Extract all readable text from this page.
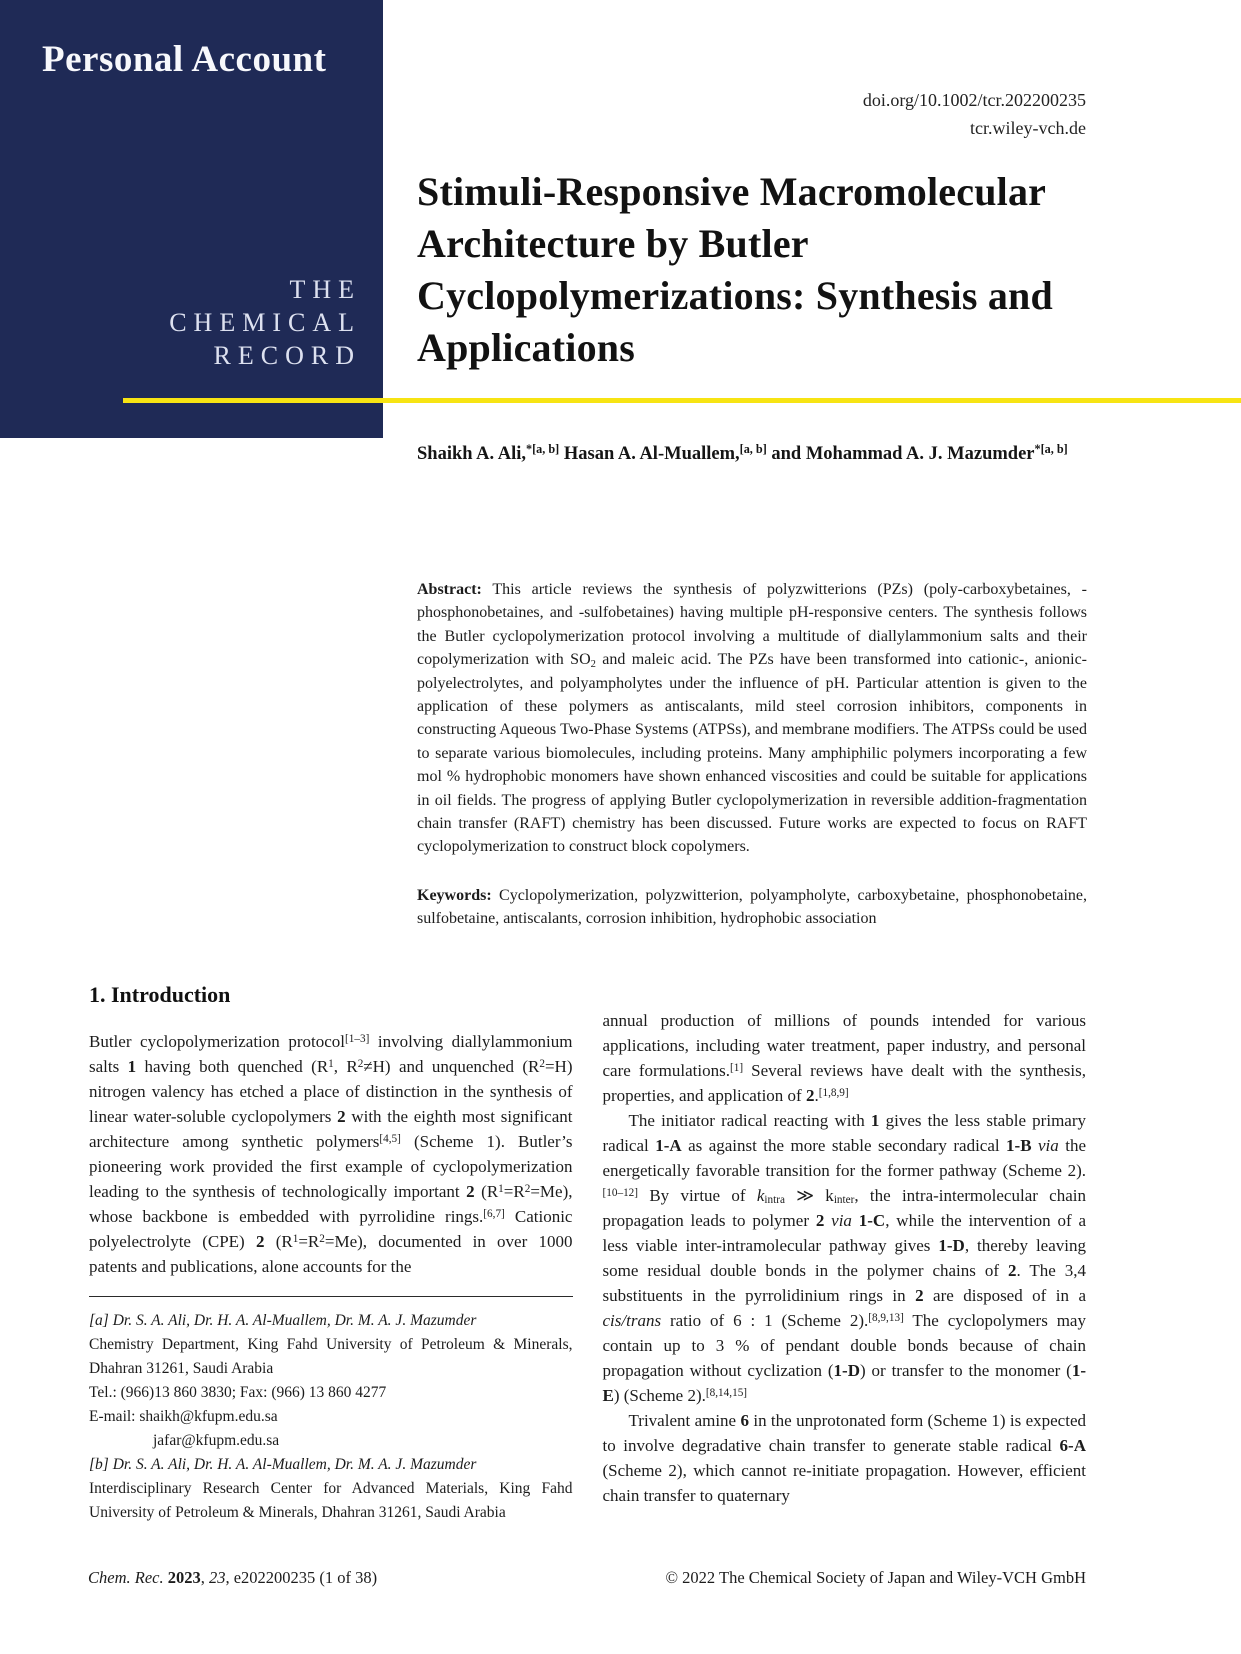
Personal Account
THE
CHEMICAL
RECORD
doi.org/10.1002/tcr.202200235
tcr.wiley-vch.de
Stimuli-Responsive Macromolecular
Architecture by Butler
Cyclopolymerizations: Synthesis and
Applications
Shaikh A. Ali,$^{*[a, b]}$ Hasan A. Al-Muallem,[a, b] and Mohammad A. J. Mazumder$^{*[a, b]}$
Abstract: This article reviews the synthesis of polyzwitterions (PZs) (poly-carboxybetaines, -phosphonobetaines, and -sulfobetaines) having multiple pH-responsive centers. The synthesis follows the Butler cyclopolymerization protocol involving a multitude of diallylammonium salts and their copolymerization with $SO_2$ and maleic acid. The PZs have been transformed into cationic-, anionic-polyelectrolytes, and polyampholytes under the influence of pH. Particular attention is given to the application of these polymers as antiscalants, mild steel corrosion inhibitors, components in constructing Aqueous Two-Phase Systems (ATPSs), and membrane modifiers. The ATPSs could be used to separate various biomolecules, including proteins. Many amphiphilic polymers incorporating a few mol % hydrophobic monomers have shown enhanced viscosities and could be suitable for applications in oil fields. The progress of applying Butler cyclopolymerization in reversible addition-fragmentation chain transfer (RAFT) chemistry has been discussed. Future works are expected to focus on RAFT cyclopolymerization to construct block copolymers.
Keywords: Cyclopolymerization, polyzwitterion, polyampholyte, carboxybetaine, phosphonobetaine, sulfobetaine, antiscalants, corrosion inhibition, hydrophobic association
1. Introduction

Butler cyclopolymerization protocol[1–3] involving diallylammonium salts 1 having both quenched ($R^1$, $R^2\ne H$) and unquenched $(R^2=H)$ nitrogen valency has etched a place of distinction in the synthesis of linear water-soluble cyclopolymers 2 with the eighth most significant architecture among synthetic polymers[4,5] (Scheme 1). Butler’s pioneering work provided the first example of cyclopolymerization leading to the synthesis of technologically important 2 $(R^1=R^2=Me)$, whose backbone is embedded with pyrrolidine rings.[6,7] Cationic polyelectrolyte (CPE) 2 $(R^1=R^2=Me)$, documented in over 1000 patents and publications, alone accounts for the

[a] Dr. S. A. Ali, Dr. H. A. Al-Muallem, Dr. M. A. J. Mazumder

Chemistry Department, King Fahd University of Petroleum & Minerals, Dhahran 31261, Saudi Arabia

Tel.: (966)13 860 3830; Fax: (966) 13 860 4277

E-mail: shaikh@kfupm.edu.sa

jafar@kfupm.edu.sa

[b] Dr. S. A. Ali, Dr. H. A. Al-Muallem, Dr. M. A. J. Mazumder

Interdisciplinary Research Center for Advanced Materials, King Fahd University of Petroleum & Minerals, Dhahran 31261, Saudi Arabia

annual production of millions of pounds intended for various applications, including water treatment, paper industry, and personal care formulations.[1] Several reviews have dealt with the synthesis, properties, and application of 2.[1,8,9]

The initiator radical reacting with 1 gives the less stable primary radical 1-A as against the more stable secondary radical 1-B via the energetically favorable transition for the former pathway (Scheme 2).[10–12] By virtue of $k_{intra}$ ≫ $k_{inter}$, the intra-intermolecular chain propagation leads to polymer 2 via 1-C, while the intervention of a less viable inter-intramolecular pathway gives 1-D, thereby leaving some residual double bonds in the polymer chains of 2. The 3,4 substituents in the pyrrolidinium rings in 2 are disposed of in a cis/trans ratio of 6 : 1 (Scheme 2).[8,9,13] The cyclopolymers may contain up to 3 % of pendant double bonds because of chain propagation without cyclization (1-D) or transfer to the monomer (1-E) (Scheme 2).[8,14,15]

Trivalent amine 6 in the unprotonated form (Scheme 1) is expected to involve degradative chain transfer to generate stable radical 6-A (Scheme 2), which cannot re-initiate propagation. However, efficient chain transfer to quaternary

Chem. Rec. 2023, 23, e202200235 (1 of 38)	© 2022 The Chemical Society of Japan and Wiley-VCH GmbH
